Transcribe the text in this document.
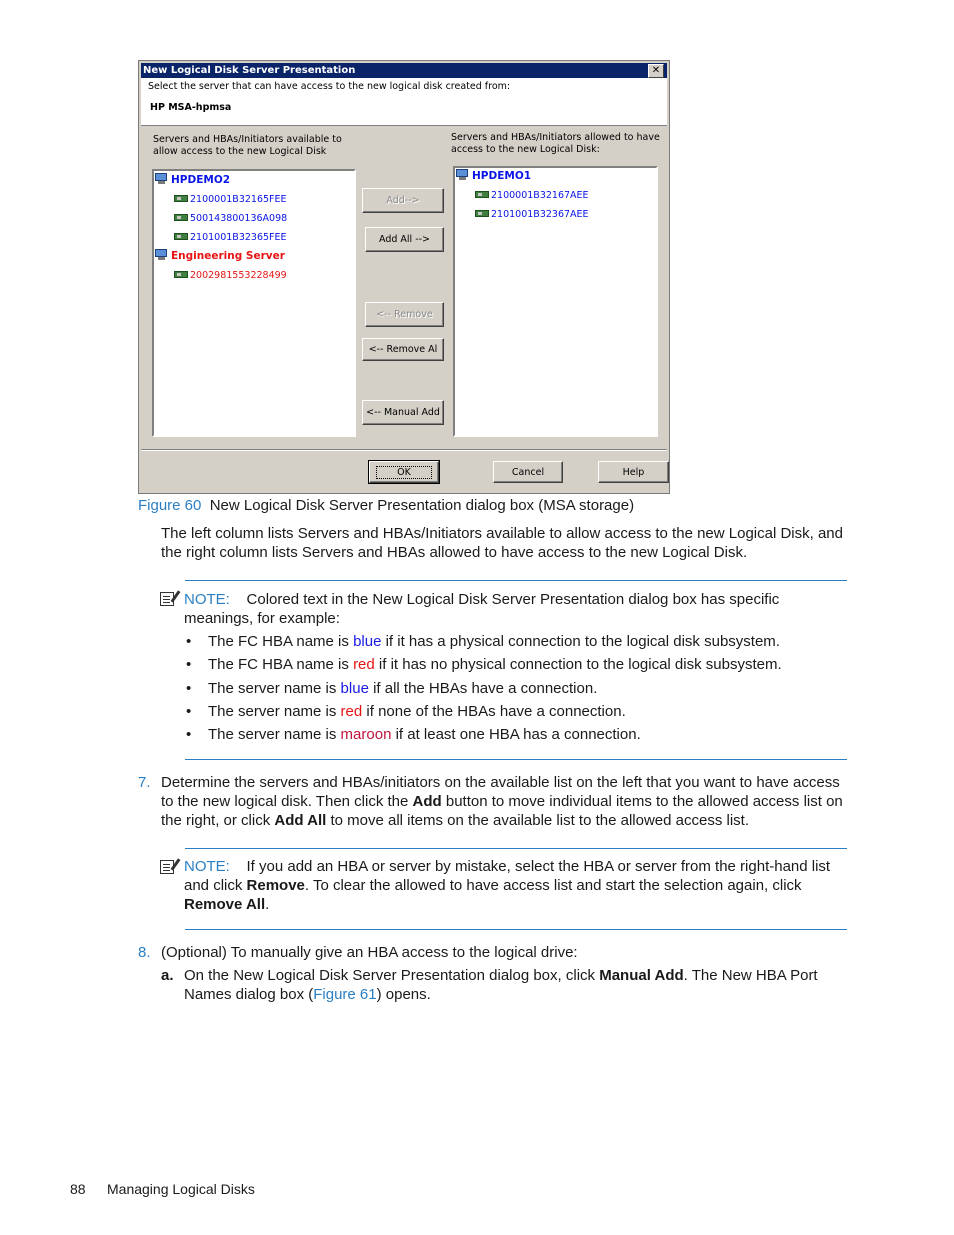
New Logical Disk Server Presentation	✕
Select the server that can have access to the new logical disk created from:
HP MSA-hpmsa
Servers and HBAs/Initiators available to allow access to the new Logical Disk
Servers and HBAs/Initiators allowed to have access to the new Logical Disk:
HPDEMO2
2100001B32165FEE
500143800136A098
2101001B32365FEE
Engineering Server
2002981553228499
HPDEMO1
2100001B32167AEE
2101001B32367AEE
Add-->
Add All -->
<-- Remove
<-- Remove Al
<-- Manual Add
OK	Cancel	Help
Figure 60 New Logical Disk Server Presentation dialog box (MSA storage)
The left column lists Servers and HBAs/Initiators available to allow access to the new Logical Disk, and
the right column lists Servers and HBAs allowed to have access to the new Logical Disk.
NOTE: Colored text in the New Logical Disk Server Presentation dialog box has specific
meanings, for example:
• The FC HBA name is blue if it has a physical connection to the logical disk subsystem.
• The FC HBA name is red if it has no physical connection to the logical disk subsystem.
• The server name is blue if all the HBAs have a connection.
• The server name is red if none of the HBAs have a connection.
• The server name is maroon if at least one HBA has a connection.
7. Determine the servers and HBAs/initiators on the available list on the left that you want to have access
to the new logical disk. Then click the Add button to move individual items to the allowed access list on
the right, or click Add All to move all items on the available list to the allowed access list.
NOTE: If you add an HBA or server by mistake, select the HBA or server from the right-hand list
and click Remove. To clear the allowed to have access list and start the selection again, click
Remove All.
8. (Optional) To manually give an HBA access to the logical drive:
a. On the New Logical Disk Server Presentation dialog box, click Manual Add. The New HBA Port
Names dialog box (Figure 61) opens.
88 Managing Logical Disks
